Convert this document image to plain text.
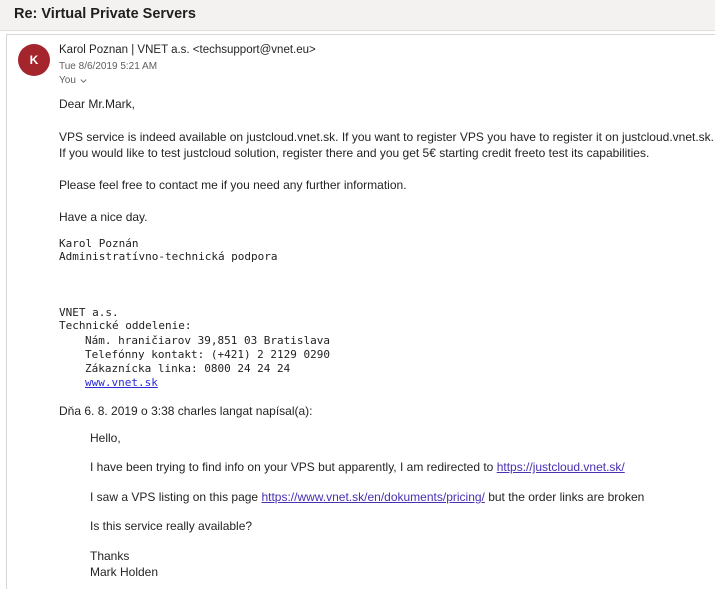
Re: Virtual Private Servers
K
Karol Poznan | VNET a.s. <techsupport@vnet.eu>
Tue 8/6/2019 5:21 AM
You
Dear Mr.Mark,
VPS service is indeed available on justcloud.vnet.sk. If you want to register VPS you have to register it on justcloud.vnet.sk.
If you would like to test justcloud solution, register there and you get 5€ starting credit freeto test its capabilities.
Please feel free to contact me if you need any further information.
Have a nice day.
Karol Poznán
Administratívno-technická podpora
VNET a.s.
Technické oddelenie:
Nám. hraničiarov 39,851 03 Bratislava
Telefónny kontakt: (+421) 2 2129 0290
Zákaznícka linka: 0800 24 24 24
www.vnet.sk
Dňa 6. 8. 2019 o 3:38 charles langat napísal(a):
Hello,
I have been trying to find info on your VPS but apparently, I am redirected to https://justcloud.vnet.sk/
I saw a VPS listing on this page https://www.vnet.sk/en/dokuments/pricing/ but the order links are broken
Is this service really available?
Thanks
Mark Holden
